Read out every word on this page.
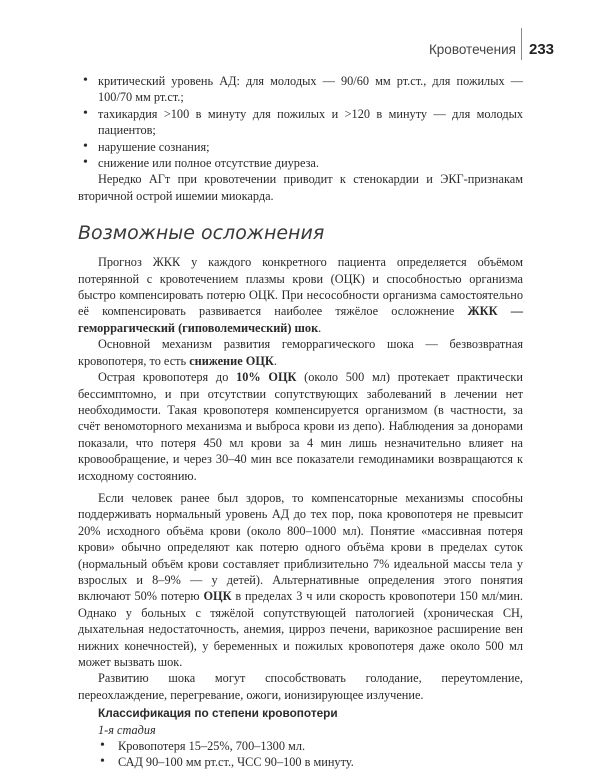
Кровотечения 233
• критический уровень АД: для молодых — 90/60 мм рт.ст., для пожилых — 100/70 мм рт.ст.;
• тахикардия >100 в минуту для пожилых и >120 в минуту — для молодых пациентов;
• нарушение сознания;
• снижение или полное отсутствие диуреза.

Нередко АГт при кровотечении приводит к стенокардии и ЭКГ-признакам вторичной острой ишемии миокарда.

Возможные осложнения

Прогноз ЖКК у каждого конкретного пациента определяется объёмом потерянной с кровотечением плазмы крови (ОЦК) и способностью организма быстро компенсировать потерю ОЦК. При несособности организма самостоятельно её компенсировать развивается наиболее тяжёлое осложнение ЖКК — геморрагический (гиповолемический) шок.

Основной механизм развития геморрагического шока — безвозвратная кровопотеря, то есть снижение ОЦК.

Острая кровопотеря до 10% ОЦК (около 500 мл) протекает практически бессимптомно, и при отсутствии сопутствующих заболеваний в лечении нет необходимости. Такая кровопотеря компенсируется организмом (в частности, за счёт веномоторного механизма и выброса крови из депо). Наблюдения за донорами показали, что потеря 450 мл крови за 4 мин лишь незначительно влияет на кровообращение, и через 30–40 мин все показатели гемодинамики возвращаются к исходному состоянию.

Если человек ранее был здоров, то компенсаторные механизмы способны поддерживать нормальный уровень АД до тех пор, пока кровопотеря не превысит 20% исходного объёма крови (около 800–1000 мл). Понятие «массивная потеря крови» обычно определяют как потерю одного объёма крови в пределах суток (нормальный объём крови составляет приблизительно 7% идеальной массы тела у взрослых и 8–9% — у детей). Альтернативные определения этого понятия включают 50% потерю ОЦК в пределах 3 ч или скорость кровопотери 150 мл/мин. Однако у больных с тяжёлой сопутствующей патологией (хроническая СН, дыхательная недостаточность, анемия, цирроз печени, варикозное расширение вен нижних конечностей), у беременных и пожилых кровопотеря даже около 500 мл может вызвать шок.

Развитию шока могут способствовать голодание, переутомление, переохлаждение, перегревание, ожоги, ионизирующее излучение.

Классификация по степени кровопотери
1-я стадия
• Кровопотеря 15–25%, 700–1300 мл.
• САД 90–100 мм рт.ст., ЧСС 90–100 в минуту.
